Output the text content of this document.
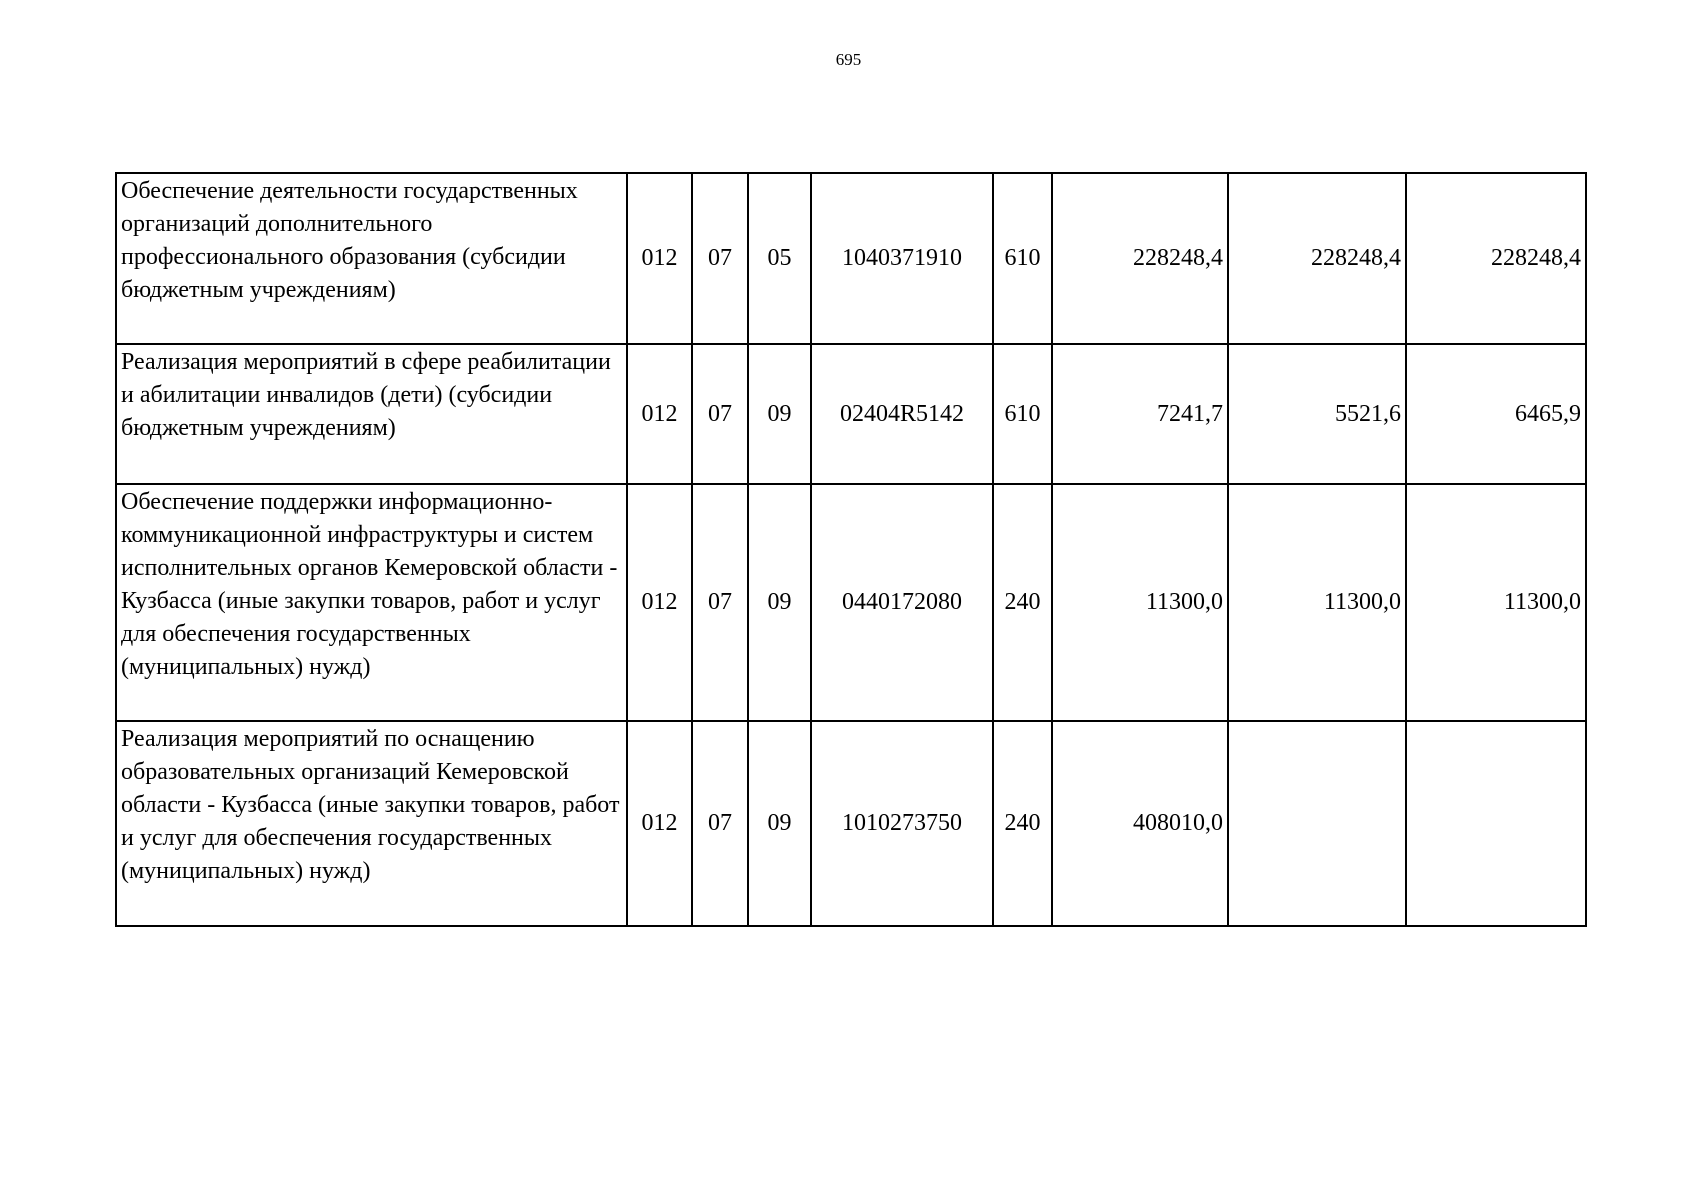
695
Обеспечение деятельности государственных организаций дополнительного профессионального образования (субсидии бюджетным учреждениям)	012	07	05	1040371910	610	228248,4	228248,4	228248,4
Реализация мероприятий в сфере реабилитации и абилитации инвалидов (дети) (субсидии бюджетным учреждениям)	012	07	09	02404R5142	610	7241,7	5521,6	6465,9
Обеспечение поддержки информационно-коммуникационной инфраструктуры и систем исполнительных органов Кемеровской области - Кузбасса (иные закупки товаров, работ и услуг для обеспечения государственных (муниципальных) нужд)	012	07	09	0440172080	240	11300,0	11300,0	11300,0
Реализация мероприятий по оснащению образовательных организаций Кемеровской области - Кузбасса (иные закупки товаров, работ и услуг для обеспечения государственных (муниципальных) нужд)	012	07	09	1010273750	240	408010,0		
